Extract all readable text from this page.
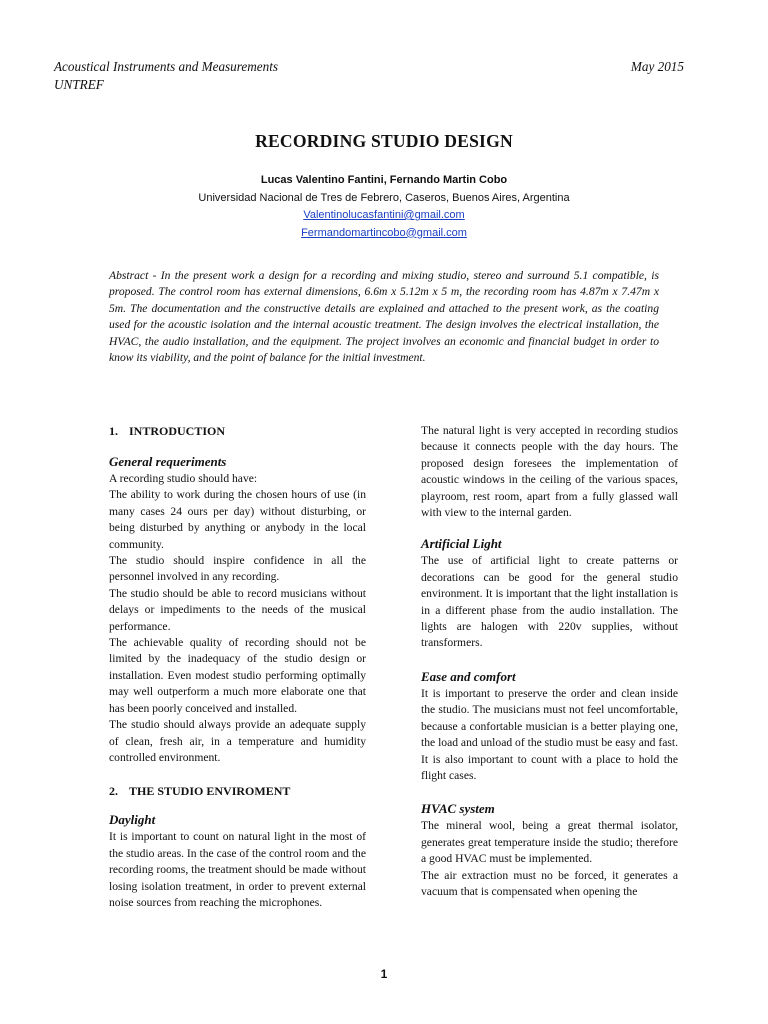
Acoustical Instruments and Measurements
UNTREF
May 2015
RECORDING STUDIO DESIGN
Lucas Valentino Fantini, Fernando Martin Cobo
Universidad Nacional de Tres de Febrero, Caseros, Buenos Aires, Argentina
Valentinolucasfantini@gmail.com
Fermandomartincobo@gmail.com
Abstract - In the present work a design for a recording and mixing studio, stereo and surround 5.1 compatible, is proposed. The control room has external dimensions, 6.6m x 5.12m x 5 m, the recording room has 4.87m x 7.47m x 5m. The documentation and the constructive details are explained and attached to the present work, as the coating used for the acoustic isolation and the internal acoustic treatment. The design involves the electrical installation, the HVAC, the audio installation, and the equipment. The project involves an economic and financial budget in order to know its viability, and the point of balance for the initial investment.
1. INTRODUCTION
General requeriments

A recording studio should have:

The ability to work during the chosen hours of use (in many cases 24 ours per day) without disturbing, or being disturbed by anything or anybody in the local community.

The studio should inspire confidence in all the personnel involved in any recording.

The studio should be able to record musicians without delays or impediments to the needs of the musical performance.

The achievable quality of recording should not be limited by the inadequacy of the studio design or installation. Even modest studio performing optimally may well outperform a much more elaborate one that has been poorly conceived and installed.

The studio should always provide an adequate supply of clean, fresh air, in a temperature and humidity controlled environment.

2. THE STUDIO ENVIROMENT
Daylight

It is important to count on natural light in the most of the studio areas. In the case of the control room and the recording rooms, the treatment should be made without losing isolation treatment, in order to prevent external noise sources from reaching the microphones.

The natural light is very accepted in recording studios because it connects people with the day hours. The proposed design foresees the implementation of acoustic windows in the ceiling of the various spaces, playroom, rest room, apart from a fully glassed wall with view to the internal garden.

Artificial Light

The use of artificial light to create patterns or decorations can be good for the general studio environment. It is important that the light installation is in a different phase from the audio installation. The lights are halogen with 220v supplies, without transformers.

Ease and comfort

It is important to preserve the order and clean inside the studio. The musicians must not feel uncomfortable, because a confortable musician is a better playing one, the load and unload of the studio must be easy and fast. It is also important to count with a place to hold the flight cases.

HVAC system

The mineral wool, being a great thermal isolator, generates great temperature inside the studio; therefore a good HVAC must be implemented.

The air extraction must no be forced, it generates a vacuum that is compensated when opening the

1
